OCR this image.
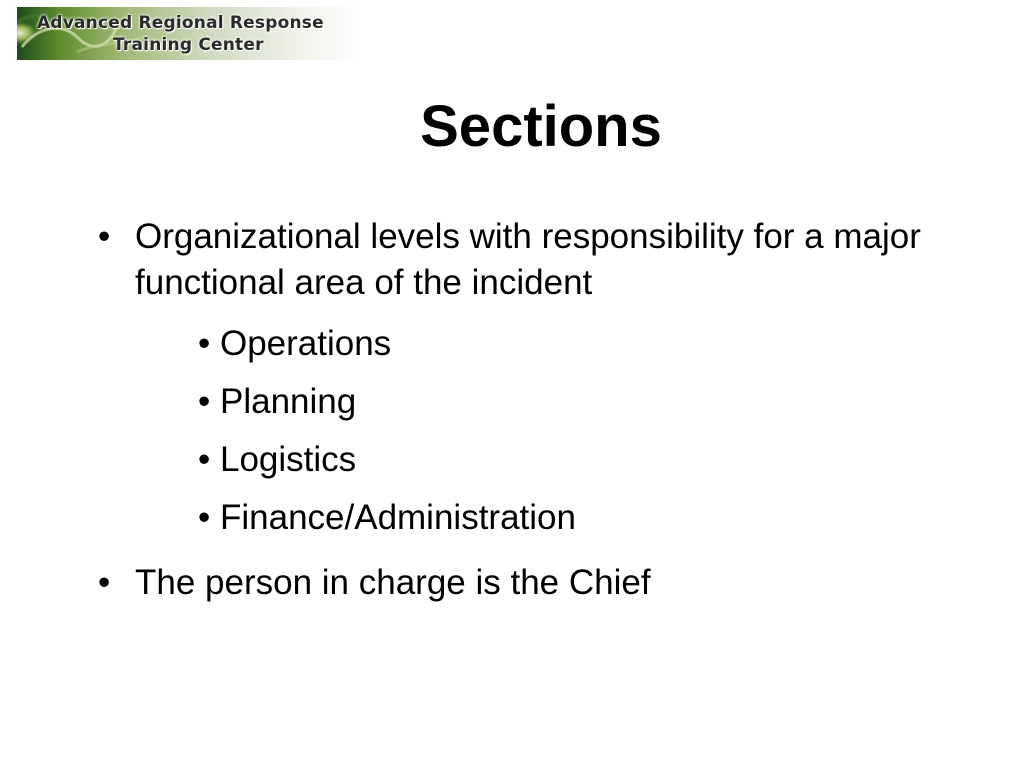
Advanced Regional Response
Training Center
Sections
• Organizational levels with responsibility for a major functional area of the incident
• Operations
• Planning
• Logistics
• Finance/Administration
• The person in charge is the Chief
